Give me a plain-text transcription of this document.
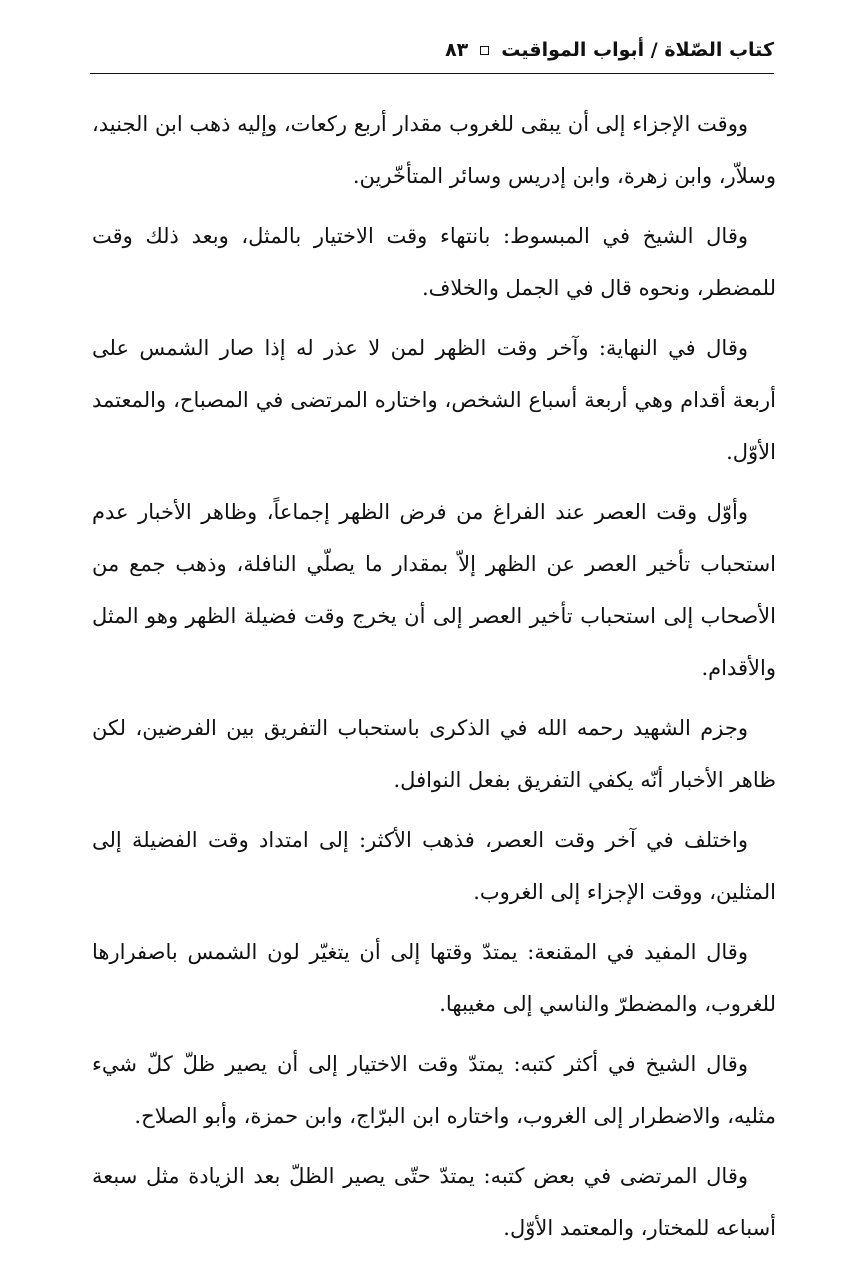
كتاب الصّلاة / أبواب المواقيت
٨٣

ووقت الإجزاء إلى أن يبقى للغروب مقدار أربع ركعات، وإليه ذهب ابن الجنيد، وسلاّر، وابن زهرة، وابن إدريس وسائر المتأخّرين.

وقال الشيخ في المبسوط: بانتهاء وقت الاختيار بالمثل، وبعد ذلك وقت للمضطر، ونحوه قال في الجمل والخلاف.

وقال في النهاية: وآخر وقت الظهر لمن لا عذر له إذا صار الشمس على أربعة أقدام وهي أربعة أسباع الشخص، واختاره المرتضى في المصباح، والمعتمد الأوّل.

وأوّل وقت العصر عند الفراغ من فرض الظهر إجماعاً، وظاهر الأخبار عدم استحباب تأخير العصر عن الظهر إلاّ بمقدار ما يصلّي النافلة، وذهب جمع من الأصحاب إلى استحباب تأخير العصر إلى أن يخرج وقت فضيلة الظهر وهو المثل والأقدام.

وجزم الشهيد رحمه الله في الذكرى باستحباب التفريق بين الفرضين، لكن ظاهر الأخبار أنّه يكفي التفريق بفعل النوافل.

واختلف في آخر وقت العصر، فذهب الأكثر: إلى امتداد وقت الفضيلة إلى المثلين، ووقت الإجزاء إلى الغروب.

وقال المفيد في المقنعة: يمتدّ وقتها إلى أن يتغيّر لون الشمس باصفرارها للغروب، والمضطرّ والناسي إلى مغيبها.

وقال الشيخ في أكثر كتبه: يمتدّ وقت الاختيار إلى أن يصير ظلّ كلّ شيء مثليه، والاضطرار إلى الغروب، واختاره ابن البرّاج، وابن حمزة، وأبو الصلاح.

وقال المرتضى في بعض كتبه: يمتدّ حتّى يصير الظلّ بعد الزيادة مثل سبعة أسباعه للمختار، والمعتمد الأوّل.
